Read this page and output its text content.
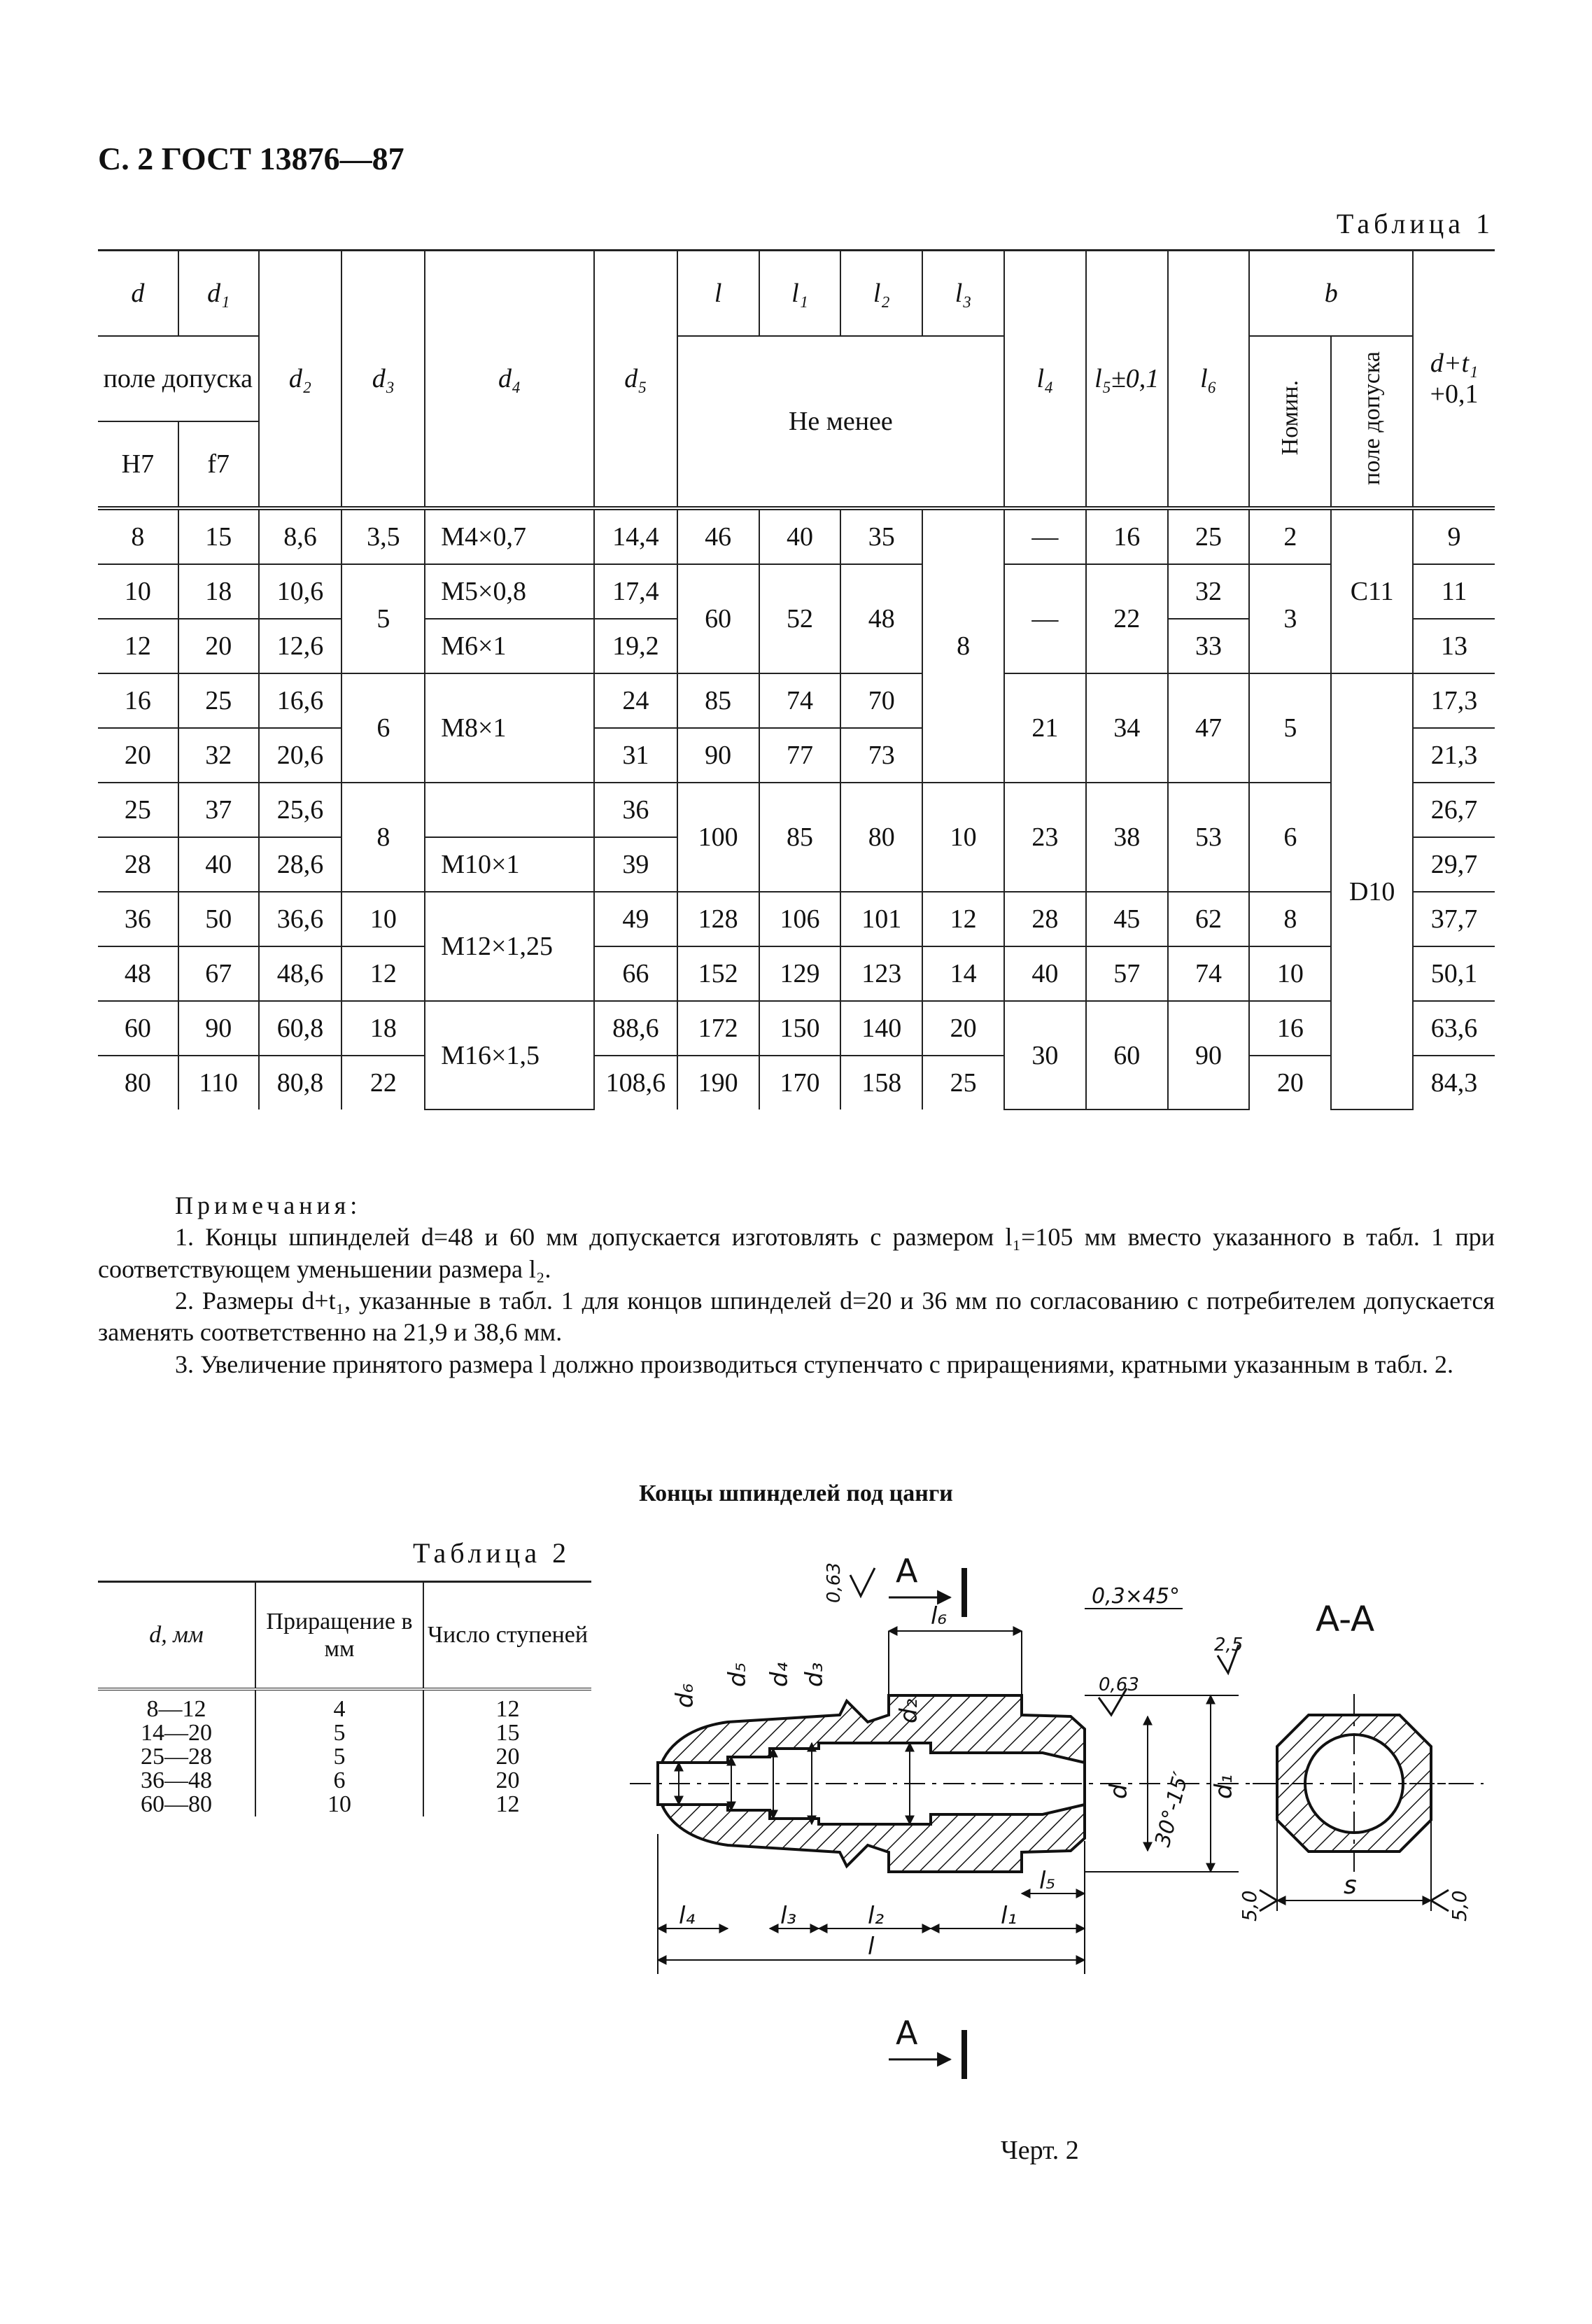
С. 2 ГОСТ 13876—87
Таблица 1
d	d₁	d₂	d₃	d₄	d₅	l	l₁	l₂	l₃	l₄	l₅±0,1	l₆	b		d+t₁
+0,1

поле допуска						Не менее							Номин.	поле допуска	
H7	f7														
8	15	8,6	3,5	M4×0,7	14,4	46	40	35	8	—	16	25	2	C11	9
10	18	10,6	5	M5×0,8	17,4	60	52	48		—	22	32	3		11
12	20	12,6		M6×1	19,2							33			13
16	25	16,6	6	M8×1	24	85	74	70		21	34	47	5	D10	17,3
20	32	20,6			31	90	77	73							21,3
25	37	25,6	8		36	100	85	80	10	23	38	53	6		26,7
28	40	28,6		M10×1	39										29,7
36	50	36,6	10	M12×1,25	49	128	106	101	12	28	45	62	8		37,7
48	67	48,6	12		66	152	129	123	14	40	57	74	10		50,1
60	90	60,8	18	M16×1,5	88,6	172	150	140	20	30	60	90	16		63,6
80	110	80,8	22		108,6	190	170	158	25				20		84,3
Примечания:

1. Концы шпинделей d=48 и 60 мм допускается изготовлять с размером l₁=105 мм вместо указанного в табл. 1 при соответствующем уменьшении размера l₂.

2. Размеры d+t₁, указанные в табл. 1 для концов шпинделей d=20 и 36 мм по согласованию с потребителем допускается заменять соответственно на 21,9 и 38,6 мм.

3. Увеличение принятого размера l должно производиться ступенчато с приращениями, кратными указанным в табл. 2.

Концы шпинделей под цанги
Таблица 2
d, мм	Приращение в мм	Число ступеней
8—12	4	12
14—20	5	15
25—28	5	20
36—48	6	20
60—80	10	12
A
A
d₆
d₅ d₄ d₃
d₂
d	d₁
30°-15′
l₆
l₅
l₄	l₃	l₂	l₁
l
0,3×45°
0,63
0,63
2,5
A-A
s
5,0	5,0
Черт. 2
